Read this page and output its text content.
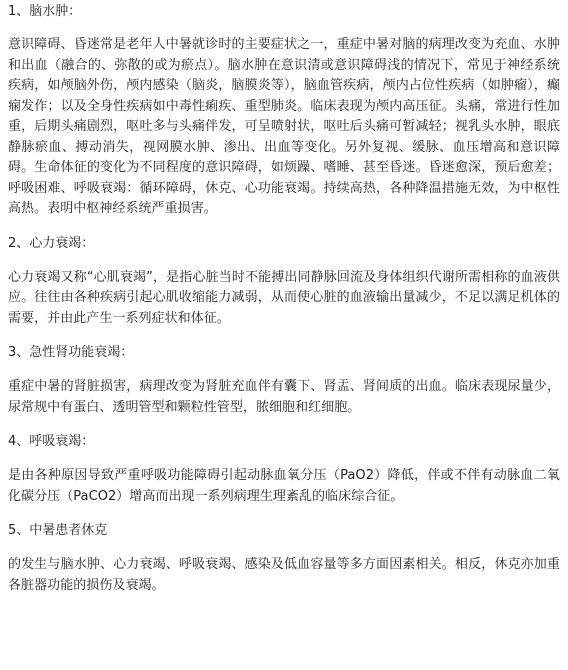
1、脑水肿：
意识障碍、昏迷常是老年人中暑就诊时的主要症状之一，重症中暑对脑的病理改变为充血、水肿和出血（融合的、弥散的或为瘀点）。脑水肿在意识清或意识障碍浅的情况下，常见于神经系统疾病，如颅脑外伤，颅内感染（脑炎，脑膜炎等），脑血管疾病，颅内占位性疾病（如肿瘤），癫痫发作；以及全身性疾病如中毒性痢疾、重型肺炎。临床表现为颅内高压征。头痛，常进行性加重，后期头痛剧烈，呕吐多与头痛伴发，可呈喷射状，呕吐后头痛可暂减轻；视乳头水肿，眼底静脉瘀血、搏动消失，视网膜水肿、渗出、出血等变化。另外复视、缓脉、血压增高和意识障碍。生命体征的变化为不同程度的意识障碍，如烦躁、嗜睡、甚至昏迷。昏迷愈深，预后愈差；呼吸困难、呼吸衰竭：循环障碍，休克、心功能衰竭。持续高热，各种降温措施无效，为中枢性高热。表明中枢神经系统严重损害。
2、心力衰竭：
心力衰竭又称“心肌衰竭”，是指心脏当时不能搏出同静脉回流及身体组织代谢所需相称的血液供应。往往由各种疾病引起心肌收缩能力减弱，从而使心脏的血液输出量减少，不足以满足机体的需要，并由此产生一系列症状和体征。
3、急性肾功能衰竭：
重症中暑的肾脏损害，病理改变为肾脏充血伴有囊下、肾盂、肾间质的出血。临床表现尿量少，尿常规中有蛋白、透明管型和颗粒性管型，脓细胞和红细胞。
4、呼吸衰竭：
是由各种原因导致严重呼吸功能障碍引起动脉血氧分压（PaO2）降低，伴或不伴有动脉血二氧化碳分压（PaCO2）增高而出现一系列病理生理紊乱的临床综合征。
5、中暑患者休克
的发生与脑水肿、心力衰竭、呼吸衰竭、感染及低血容量等多方面因素相关。相反，休克亦加重各脏器功能的损伤及衰竭。
